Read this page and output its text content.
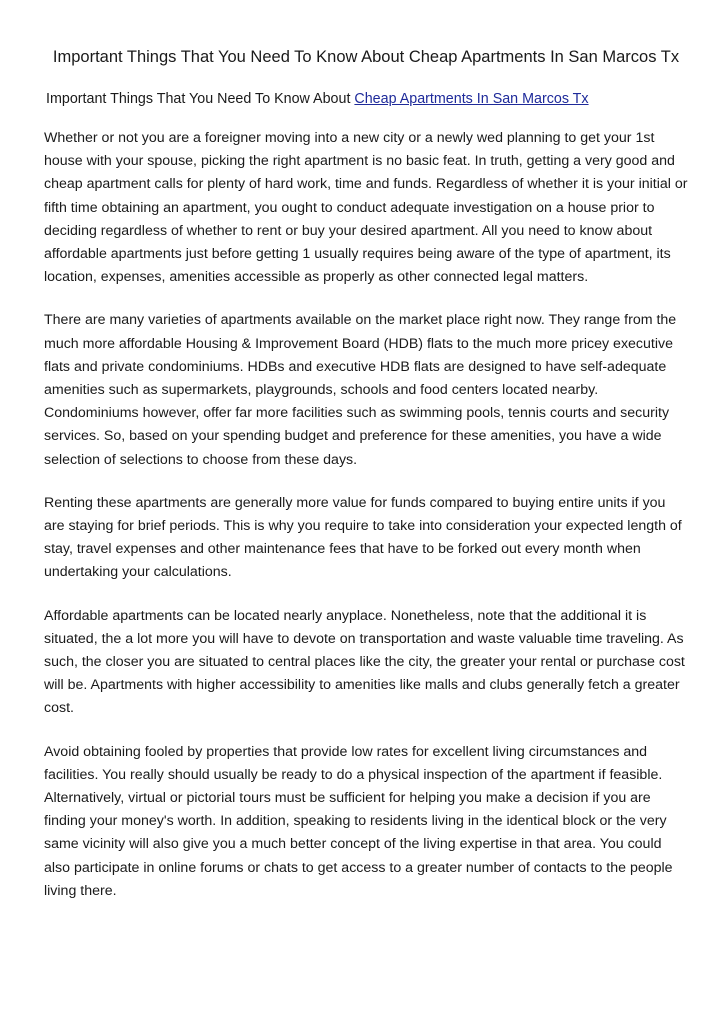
Important Things That You Need To Know About Cheap Apartments In San Marcos Tx
Important Things That You Need To Know About Cheap Apartments In San Marcos Tx

Whether or not you are a foreigner moving into a new city or a newly wed planning to get your 1st house with your spouse, picking the right apartment is no basic feat. In truth, getting a very good and cheap apartment calls for plenty of hard work, time and funds. Regardless of whether it is your initial or fifth time obtaining an apartment, you ought to conduct adequate investigation on a house prior to deciding regardless of whether to rent or buy your desired apartment. All you need to know about affordable apartments just before getting 1 usually requires being aware of the type of apartment, its location, expenses, amenities accessible as properly as other connected legal matters.

There are many varieties of apartments available on the market place right now. They range from the much more affordable Housing & Improvement Board (HDB) flats to the much more pricey executive flats and private condominiums. HDBs and executive HDB flats are designed to have self-adequate amenities such as supermarkets, playgrounds, schools and food centers located nearby. Condominiums however, offer far more facilities such as swimming pools, tennis courts and security services. So, based on your spending budget and preference for these amenities, you have a wide selection of selections to choose from these days.

Renting these apartments are generally more value for funds compared to buying entire units if you are staying for brief periods. This is why you require to take into consideration your expected length of stay, travel expenses and other maintenance fees that have to be forked out every month when undertaking your calculations.

Affordable apartments can be located nearly anyplace. Nonetheless, note that the additional it is situated, the a lot more you will have to devote on transportation and waste valuable time traveling. As such, the closer you are situated to central places like the city, the greater your rental or purchase cost will be. Apartments with higher accessibility to amenities like malls and clubs generally fetch a greater cost.

Avoid obtaining fooled by properties that provide low rates for excellent living circumstances and facilities. You really should usually be ready to do a physical inspection of the apartment if feasible. Alternatively, virtual or pictorial tours must be sufficient for helping you make a decision if you are finding your money's worth. In addition, speaking to residents living in the identical block or the very same vicinity will also give you a much better concept of the living expertise in that area. You could also participate in online forums or chats to get access to a greater number of contacts to the people living there.
